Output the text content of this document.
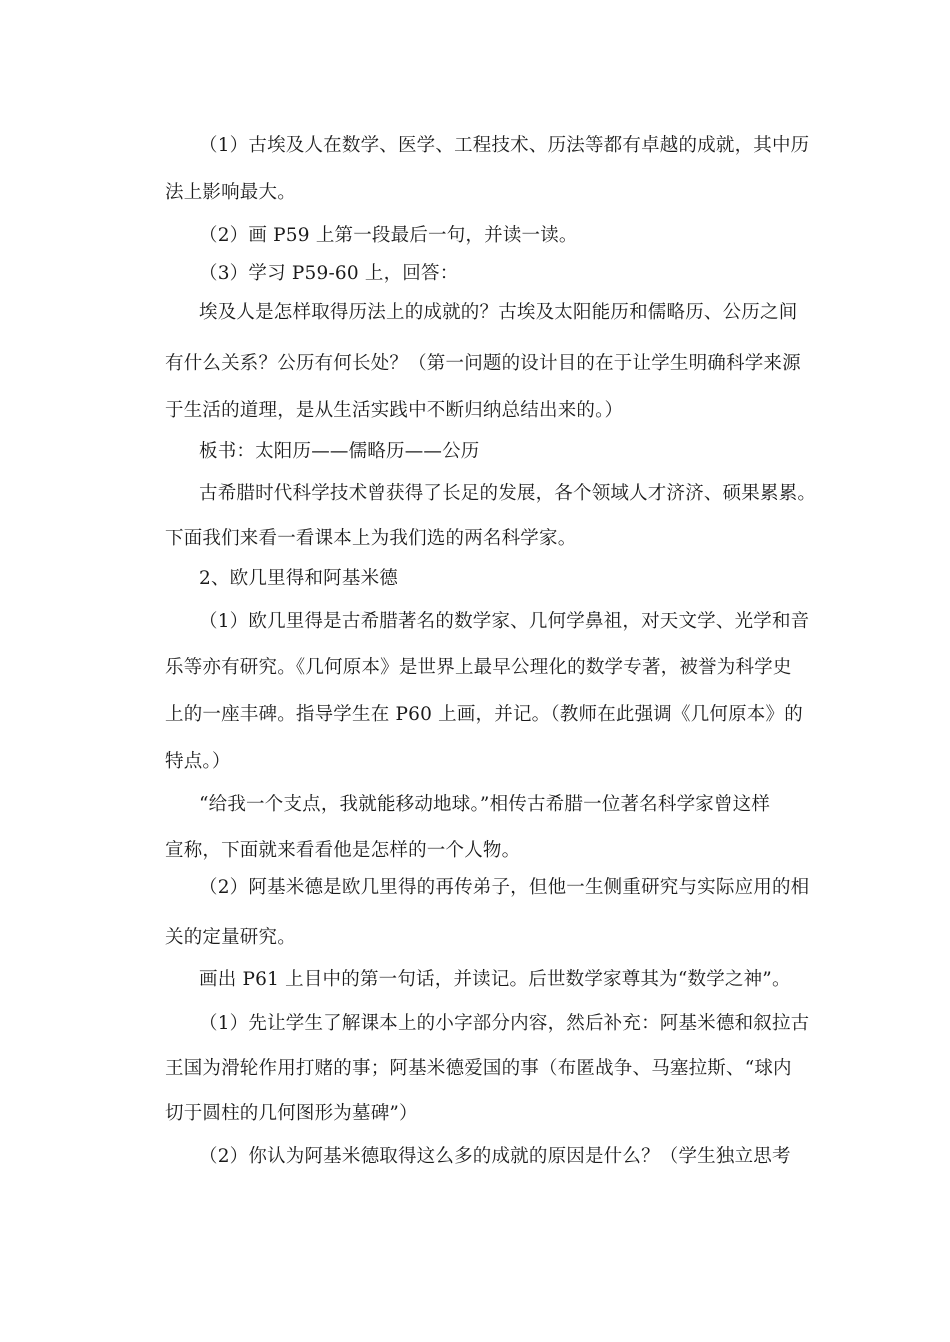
（1）古埃及人在数学、医学、工程技术、历法等都有卓越的成就，其中历
法上影响最大。
（2）画 P59 上第一段最后一句，并读一读。
（3）学习 P59-60 上，回答：
埃及人是怎样取得历法上的成就的？古埃及太阳能历和儒略历、公历之间
有什么关系？公历有何长处？（第一问题的设计目的在于让学生明确科学来源
于生活的道理，是从生活实践中不断归纳总结出来的。）
板书：太阳历——儒略历——公历
古希腊时代科学技术曾获得了长足的发展，各个领域人才济济、硕果累累。
下面我们来看一看课本上为我们选的两名科学家。
2、欧几里得和阿基米德
（1）欧几里得是古希腊著名的数学家、几何学鼻祖，对天文学、光学和音
乐等亦有研究。《几何原本》是世界上最早公理化的数学专著，被誉为科学史
上的一座丰碑。指导学生在 P60 上画，并记。（教师在此强调《几何原本》的
特点。）
“给我一个支点，我就能移动地球。”相传古希腊一位著名科学家曾这样
宣称，下面就来看看他是怎样的一个人物。
（2）阿基米德是欧几里得的再传弟子，但他一生侧重研究与实际应用的相
关的定量研究。
画出 P61 上目中的第一句话，并读记。后世数学家尊其为“数学之神”。
（1）先让学生了解课本上的小字部分内容，然后补充：阿基米德和叙拉古
王国为滑轮作用打赌的事；阿基米德爱国的事（布匿战争、马塞拉斯、“球内
切于圆柱的几何图形为墓碑”）
（2）你认为阿基米德取得这么多的成就的原因是什么？（学生独立思考
